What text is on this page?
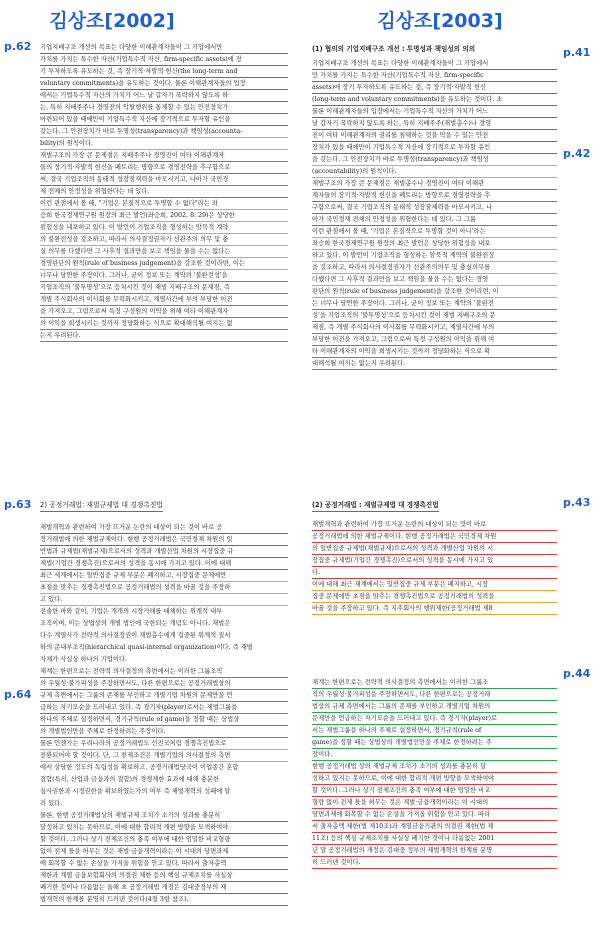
김상조[2002]	김상조[2003]
p.62
p.63
p.64
p.41
p.42
p.43
p.44
기업지배구조 개선의 목표는 다양한 이해관계자들이 그 기업에서만
가치를 가지는 특수한 자산(기업특수적 자산, firm-specific assets)에 장
기 투자하도록 유도하는 것, 즉 장기적·자발적 헌신(the long-term and
voluntary commitments)을 유도하는 것이다. 물론 이해관계자들의 입장
에서는 기업특수적 자산의 가치가 어느 날 갑자기 폭락하지 않도록 하
는, 특히 지배주주나 경영진의 악탈행위를 통제할 수 있는 안전장치가
마련되어 있을 때에만이 기업특수적 자산에 장기적으로 투자할 유인을
갖는다. 그 안전장치가 바로 투명성(transparency)과 책임성(accounta-
bility)의 원칙이다.
재벌구조의 가장 큰 문제점은 지배주주나 경영진이 여타 이해관계자
들의 장기적·자발적 헌신을 폐트리는 방향으로 경영전략을 추구함으로
써, 결국 기업조직의 동태적 성장잠재력을 마모시키고, 나아가 국민경
제 전체의 안정성을 위협한다는 데 있다.
이런 관점에서 볼 때, "기업은 본질적으로 투명할 수 없다"라는 좌
승희 한국경제연구원 원장의 최근 발언(좌승희, 2002. 8. 29)은 상당한
위험성을 내포하고 있다. 이 발언이 기업조직을 형성하는 암묵적 계약
의 불완전성을 강조하고, 따라서 의사결정권자가 선관주의 의무 및 충
실 의무를 다했다면 그 사후적 결과만을 보고 책임을 물을 수는 없다는
경영판단의 원칙(rule of business judgement)을 강조한 것이라면, 이는
너무나 당연한 주장이다. 그러나, 균이 정보 또는 계약의 '불완전성'을
기업조직의 '불투명성'으로 등치시킨 것이 재벌 지배구조의 문제점, 즉
개별 주식회사의 이사회를 무력화시키고, 계열사간에 부의 부당한 이전
을 가져오고, 그럼으로써 특정 구성원의 이익을 위해 여타 이해관계자
의 이익을 희생시키는 것까지 정당화하는 식으로 확대해석될 여지는 없
는지 우려된다.
(1) 협의의 기업지배구조 개선 : 투명성과 책임성의 의의
기업지배구조 개선의 목표는 다양한 이해관계자들이 그 기업에서
만 가치를 가지는 특수한 자산(기업특수적 자산, firm-specific
assets)에 장기 투자하도록 유도하는 것, 즉 장기적·자발적 헌신
(long-term and voluntary commitments)을 유도하는 것이다. 소
물론 이해관계자들의 입장에서는 기업특수적 자산의 가치가 어느
날 갑자기 폭락하지 않도록 하는, 특히 지배주주(재벌총수)나 경영
진이 여타 이해관계자의 권리를 침해하는 것을 막을 수 있는 안전
장치가 있을 때에만이 기업특수적 자산에 장기적으로 투자할 유인
을 갖는다. 그 안전장치가 바로 투명성(transparency)과 책임성
(accountability)의 원칙이다.
재벌구조의 가장 큰 문제점은 재벌총수나 경영진이 여타 이해관
계자들의 장기적·자발적 헌신을 폐트리는 방향으로 경영전략을 추
구함으로써, 결국 기업조직의 동태적 성장잠재력을 마모시키고, 나
아가 국민경제 전체의 안정성을 위협한다는 데 있다. 그 그룹
이런 관점에서 볼 때, '기업은 본질적으로 투명할 것이 아니'라는
좌승희 한국경제연구원 원장의 최근 발언은 상당한 위험성을 내포
하고 있다. 이 발언이 기업조직을 형성하는 암묵적 계약의 불완전성
을 강조하고, 따라서 의사결정권자가 선관주의의무 및 충실의무를
다했다면 그 사후적 결과만을 보고 책임을 물을 수는 없다는 경영
판단의 원칙(rule of business judgement)을 강조한 것이라면, 이
는 너무나 당연한 주장이다. 그러나, 균이 정보 또는 계약의 '불완전
성'을 기업조직의 '불투명성'으로 등치시킨 것이 재벌 지배구조의 문
제점, 즉 개별 주식회사의 이사회를 무력화시키고, 계열사간에 부의
부당한 이전을 가져오고, 그럼으로써 특정 구성원의 이익을 위해 여
타 이해관계자의 이익을 희생시키는 것까지 정당화하는 식으로 확
대해석될 여지는 없는지 우려된다.
2) 공정거래법: 재벌규제법 대 경쟁촉진법
재벌개혁과 관련하여 가장 뜨거운 논란의 대상이 되는 것이 바로 공
정거래법에 의한 재벌규제이다. 현행 공정거래법은 국민경제 차원의 일
반법과 규제법(재벌규제)으로서의 성격과 개별산업 차원의 시장집중 규
제법(기업간 경쟁촉진)으로서의 성격을 동시에 가지고 있다. 이에 대해
최근 세계에서는 일반집중 규제 부분은 폐지하고, 시장집중 문제에만
초점을 맞추는 경쟁촉진법으로 공정거래법의 성격을 바꿀 것을 주장하
고 있다.
전술한 바와 같이, 기업은 개개의 시장거래를 대체하는 위계적 내부
조직이며, 이는 상법상의 개별 법인에 국한되는 개념도 아니다. 재벌은
다수 계열사가 전략적 의사결정권이 재벌총수에게 집중된 위계적 질서
하의 준내부조직(hierarchical quasi-internal organization)이다. 즉 재벌
자체가 사실상 하나의 기업이다.
재계는 한편으로는 전략적 의사결정의 측면에서는 이러한 그룹조직
의 우월성·불가피성을 주장하면서도, 다른 한편으로는 공정거래법상의
규제 측면에서는 그룹의 존재를 부인하고 개별기업 차원의 문제만을 언
급하는 자기모순을 드러내고 있다. 즉 경기자(player)로서는 재벌그룹을
하나의 주체로 설정하면서, 경기규칙(rule of game)을 정할 때는 상법상
의 개별법인만을 주체로 한정하려는 주장이다.
물론 언젠가는 우리나라의 공정거래법도 선진국처럼 경쟁촉진법으로
전환되어야 할 것이다. 단, 그 전제조건은 개별기업의 의사결정의 측면
에서 상당한 정도의 독립성을 확보하고, 공정거래법당국이 이업종간 혼합
결합(특히, 산업과 금융과의 결합)의 경쟁제한 효과에 대해 충분한
심사권한과 시정권한을 확보하였는가의 여부 즉 재벌개혁의 성패에 달
려 있다.
물론, 현행 공정거래법상의 재벌규제 조치가 소기의 성과를 충분히
달성하고 있지는 못하므로, 이에 대한 합리적 개편 방향을 모색하여야
할 것이다. 그러나 상기 전제조건의 충족 여부에 대한 엄밀한 비교형량
없이 전제 틀을 허무는 것은 재벌·금융개혁이라는 이 시대의 당면과제
에 회복할 수 없는 손상을 가져올 위험을 안고 있다. 따라서 출자총액
제한과 계열 금융보험회사의 의결권 제한 등의 핵심 규제조치를 사실상
폐기한 것이나 다름없는 올해 초 공정거래법 개정은 김대중정부의 재
벌개혁의 한계를 분명히 드러낸 것이다(4절 3항 참조).
(2) 공정거래법 : 재벌규제법 대 경쟁촉진법
재벌개혁과 관련하여 가장 뜨거운 논란의 대상이 되는 것이 바로
공정거래법에 의한 재벌규제이다. 현행 공정거래법은 국민경제 차원
의 일반집중 규제법(재벌규제)으로서의 성격과 개별산업 차원의 시
장집중 규제법(기업간 경쟁촉진)으로서의 성격을 동시에 가지고 있
다.
이에 대해 최근 재계에서는 일반집중 규제 부분은 폐지하고, 시장
집중 문제에만 초점을 맞추는 경쟁촉진법으로 공정거래법의 성격을
바꿀 것을 주장하고 있다. 즉 지주회사의 행위제한(공정거래법 제8
재계는 한편으로는 전략적 의사결정의 측면에서는 이러한 그룹조
직의 우월성·불가피성을 주장하면서도, 다른 한편으로는 공정거래
법상의 규제 측면에서는 그룹의 존재를 부인하고 개별기업 차원의
문제만을 언급하는 자기모순을 드러내고 있다. 즉 경기자(player)로
서는 재벌그룹을 하나의 주체로 설정하면서, 경기규칙(rule of
game)을 정할 때는 상법상의 개별법인만을 주체로 한정하려는 주
장이다.
현행 공정거래법 상의 재벌규제 조치가 소기의 성과를 충분히 달
성하고 있지는 못하므로, 이에 대한 합리적 개편 방향을 모색하여야
할 것이다. 그러나 상기 전제조건의 충족 여부에 대한 엄밀한 비교
형량 없이 전제 틀을 허무는 것은 재벌·금융개혁이라는 이 시대의
당면과제에 회복할 수 없는 손상을 가져올 위험을 안고 있다. 따라
서 출자총액 제한(법 제10조)과 계열금융기관의 의결권 제한(법 제
11조) 등의 핵심 규제조치를 사실상 폐기한 것이나 다름없는 2001
년 말 공정거래법의 개정은 김대중 정부의 재벌개혁의 한계를 분명
히 드러낸 것이다.
